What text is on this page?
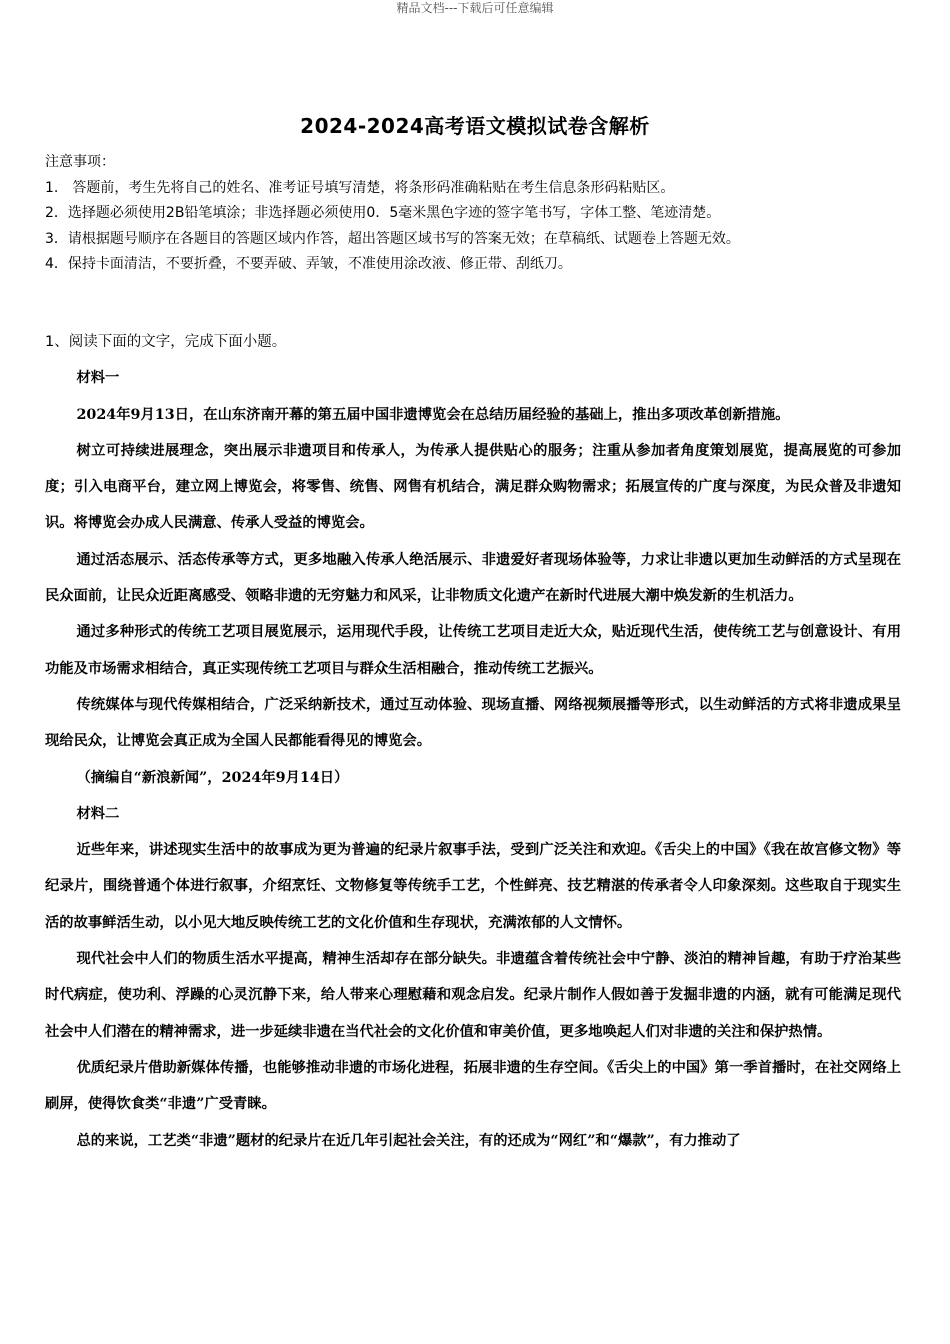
精品文档---下载后可任意编辑
2024-2024高考语文模拟试卷含解析
注意事项：
1.　答题前，考生先将自己的姓名、准考证号填写清楚，将条形码准确粘贴在考生信息条形码粘贴区。
2．选择题必须使用2B铅笔填涂；非选择题必须使用0．5毫米黑色字迹的签字笔书写，字体工整、笔迹清楚。
3．请根据题号顺序在各题目的答题区域内作答，超出答题区域书写的答案无效；在草稿纸、试题卷上答题无效。
4．保持卡面清洁，不要折叠，不要弄破、弄皱，不准使用涂改液、修正带、刮纸刀。
1、阅读下面的文字，完成下面小题。
材料一
2024年9月13日，在山东济南开幕的第五届中国非遗博览会在总结历届经验的基础上，推出多项改革创新措施。
树立可持续进展理念，突出展示非遗项目和传承人，为传承人提供贴心的服务；注重从参加者角度策划展览，提高展览的可参加度；引入电商平台，建立网上博览会，将零售、统售、网售有机结合，满足群众购物需求；拓展宣传的广度与深度，为民众普及非遗知识。将博览会办成人民满意、传承人受益的博览会。
通过活态展示、活态传承等方式，更多地融入传承人绝活展示、非遗爱好者现场体验等，力求让非遗以更加生动鲜活的方式呈现在民众面前，让民众近距离感受、领略非遗的无穷魅力和风采，让非物质文化遗产在新时代进展大潮中焕发新的生机活力。
通过多种形式的传统工艺项目展览展示，运用现代手段，让传统工艺项目走近大众，贴近现代生活，使传统工艺与创意设计、有用功能及市场需求相结合，真正实现传统工艺项目与群众生活相融合，推动传统工艺振兴。
传统媒体与现代传媒相结合，广泛采纳新技术，通过互动体验、现场直播、网络视频展播等形式，以生动鲜活的方式将非遗成果呈现给民众，让博览会真正成为全国人民都能看得见的博览会。
（摘编自“新浪新闻”，2024年9月14日）
材料二
近些年来，讲述现实生活中的故事成为更为普遍的纪录片叙事手法，受到广泛关注和欢迎。《舌尖上的中国》《我在故宫修文物》等纪录片，围绕普通个体进行叙事，介绍烹饪、文物修复等传统手工艺，个性鲜亮、技艺精湛的传承者令人印象深刻。这些取自于现实生活的故事鲜活生动，以小见大地反映传统工艺的文化价值和生存现状，充满浓郁的人文情怀。
现代社会中人们的物质生活水平提高，精神生活却存在部分缺失。非遗蕴含着传统社会中宁静、淡泊的精神旨趣，有助于疗治某些时代病症，使功利、浮躁的心灵沉静下来，给人带来心理慰藉和观念启发。纪录片制作人假如善于发掘非遗的内涵，就有可能满足现代社会中人们潜在的精神需求，进一步延续非遗在当代社会的文化价值和审美价值，更多地唤起人们对非遗的关注和保护热情。
优质纪录片借助新媒体传播，也能够推动非遗的市场化进程，拓展非遗的生存空间。《舌尖上的中国》第一季首播时，在社交网络上刷屏，使得饮食类“非遗”广受青睐。
总的来说，工艺类“非遗”题材的纪录片在近几年引起社会关注，有的还成为“网红”和“爆款”，有力推动了
